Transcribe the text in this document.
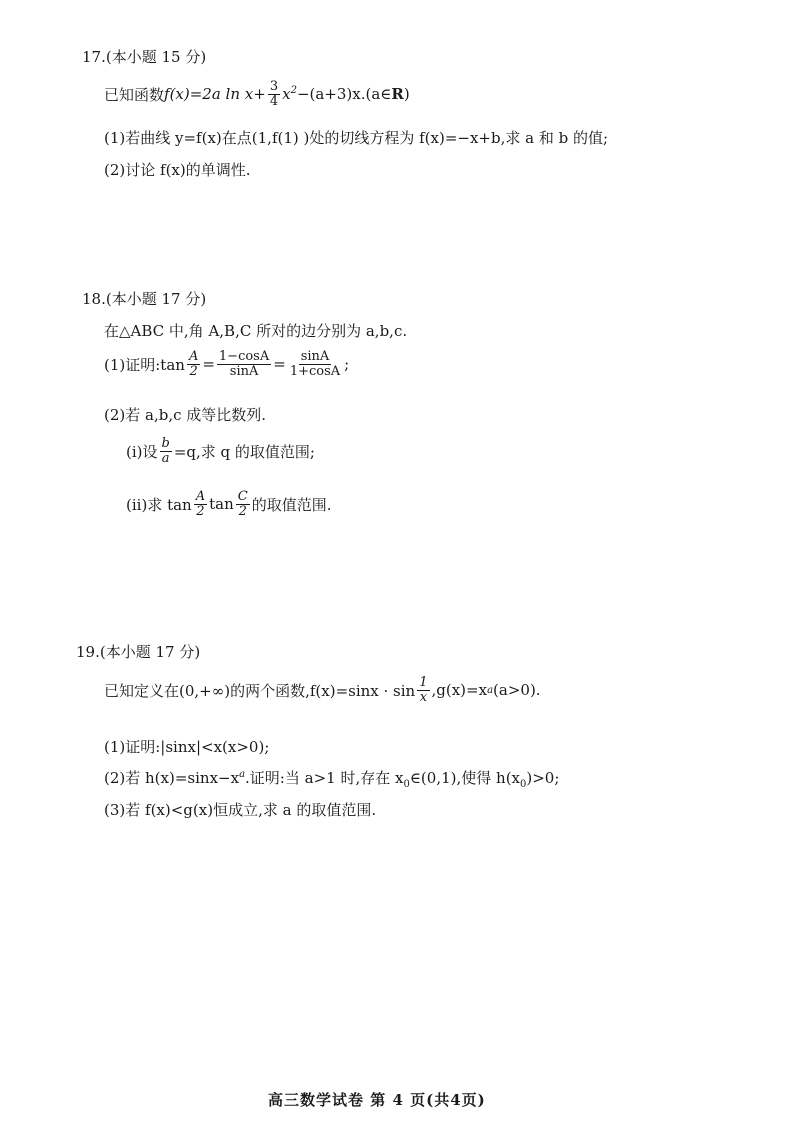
17.(本小题 15 分)
已知函数 f(x) =2a $\ln x+ \frac{3}{4} x^2$ −(a+3)x.(a∈ R )
(1)若曲线 y=f(x)在点(1,f(1) )处的切线方程为 f(x)=−x+b,求 a 和 b 的值;
(2)讨论 f(x)的单调性.
18.(本小题 17 分)
在△ABC 中,角 A,B,C 所对的边分别为 a,b,c.
(1)证明:tan $\frac{A}{2} = \frac{1-\cos A}{\sin A} = \frac{\sin A}{1+\cos A}$ ;
(2)若 a,b,c 成等比数列.
(i)设 $\frac{b}{a} =q$,求 q 的取值范围;
(ii)求 $\tan \frac{A}{2}$ $\tan \frac{C}{2}$ 的取值范围.
19.(本小题 17 分)
已知定义在(0,+∞)的两个函数$,f(x)=\sin x \cdot \sin \frac{1}{x} ,g(x)=x$ a (a>0).
(1)证明:|sinx|<x(x>0);
(2)若 $h(x)=\sin x-x^a$.证明:当 a>1 时,存在 $x_0\in(0,1)$,使得 $h(x_0)>0$;
(3)若 f(x)<g(x)恒成立,求 a 的取值范围.
高三数学试卷 第 4 页(共4页)
